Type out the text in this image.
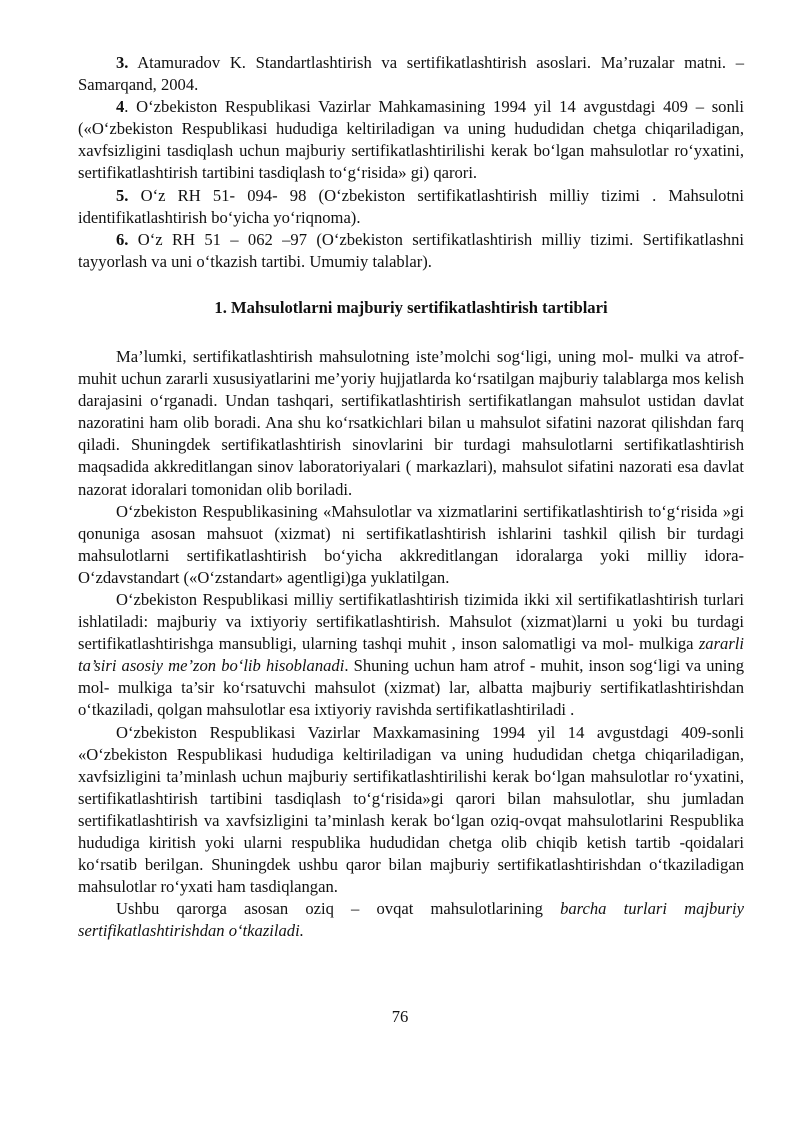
3. Atamuradov K. Standartlashtirish va sertifikatlashtirish asoslari. Ma’ruzalar matni. – Samarqand, 2004.

4. O‘zbekiston Respublikasi Vazirlar Mahkamasining 1994 yil 14 avgustdagi 409 – sonli («O‘zbekiston Respublikasi hududiga keltiriladigan va uning hududidan chetga chiqariladigan, xavfsizligini tasdiqlash uchun majburiy sertifikatlashtirilishi kerak bo‘lgan mahsulotlar ro‘yxatini, sertifikatlashtirish tartibini tasdiqlash to‘g‘risida» gi) qarori.

5. O‘z RH 51- 094- 98 (O‘zbekiston sertifikatlashtirish milliy tizimi . Mahsulotni identifikatlashtirish bo‘yicha yo‘riqnoma).

6. O‘z RH 51 – 062 –97 (O‘zbekiston sertifikatlashtirish milliy tizimi. Sertifikatlashni tayyorlash va uni o‘tkazish tartibi. Umumiy talablar).

1. Mahsulotlarni majburiy sertifikatlashtirish tartiblari

Ma’lumki, sertifikatlashtirish mahsulotning iste’molchi sog‘ligi, uning mol- mulki va atrof- muhit uchun zararli xususiyatlarini me’yoriy hujjatlarda ko‘rsatilgan majburiy talablarga mos kelish darajasini o‘rganadi. Undan tashqari, sertifikatlashtirish sertifikatlangan mahsulot ustidan davlat nazoratini ham olib boradi. Ana shu ko‘rsatkichlari bilan u mahsulot sifatini nazorat qilishdan farq qiladi. Shuningdek sertifikatlashtirish sinovlarini bir turdagi mahsulotlarni sertifikatlashtirish maqsadida akkreditlangan sinov laboratoriyalari ( markazlari), mahsulot sifatini nazorati esa davlat nazorat idoralari tomonidan olib boriladi.

O‘zbekiston Respublikasining «Mahsulotlar va xizmatlarini sertifikatlashtirish to‘g‘risida »gi qonuniga asosan mahsuot (xizmat) ni sertifikatlashtirish ishlarini tashkil qilish bir turdagi mahsulotlarni sertifikatlashtirish bo‘yicha akkreditlangan idoralarga yoki milliy idora-O‘zdavstandart («O‘zstandart» agentligi)ga yuklatilgan.

O‘zbekiston Respublikasi milliy sertifikatlashtirish tizimida ikki xil sertifikatlashtirish turlari ishlatiladi: majburiy va ixtiyoriy sertifikatlashtirish. Mahsulot (xizmat)larni u yoki bu turdagi sertifikatlashtirishga mansubligi, ularning tashqi muhit , inson salomatligi va mol- mulkiga zararli ta’siri asosiy me’zon bo‘lib hisoblanadi. Shuning uchun ham atrof - muhit, inson sog‘ligi va uning mol- mulkiga ta’sir ko‘rsatuvchi mahsulot (xizmat) lar, albatta majburiy sertifikatlashtirishdan o‘tkaziladi, qolgan mahsulotlar esa ixtiyoriy ravishda sertifikatlashtiriladi .

O‘zbekiston Respublikasi Vazirlar Maxkamasining 1994 yil 14 avgustdagi 409-sonli «O‘zbekiston Respublikasi hududiga keltiriladigan va uning hududidan chetga chiqariladigan, xavfsizligini ta’minlash uchun majburiy sertifikatlashtirilishi kerak bo‘lgan mahsulotlar ro‘yxatini, sertifikatlashtirish tartibini tasdiqlash to‘g‘risida»gi qarori bilan mahsulotlar, shu jumladan sertifikatlashtirish va xavfsizligini ta’minlash kerak bo‘lgan oziq-ovqat mahsulotlarini Respublika hududiga kiritish yoki ularni respublika hududidan chetga olib chiqib ketish tartib -qoidalari ko‘rsatib berilgan. Shuningdek ushbu qaror bilan majburiy sertifikatlashtirishdan o‘tkaziladigan mahsulotlar ro‘yxati ham tasdiqlangan.

Ushbu qarorga asosan oziq – ovqat mahsulotlarining barcha turlari majburiy sertifikatlashtirishdan o‘tkaziladi.

76
